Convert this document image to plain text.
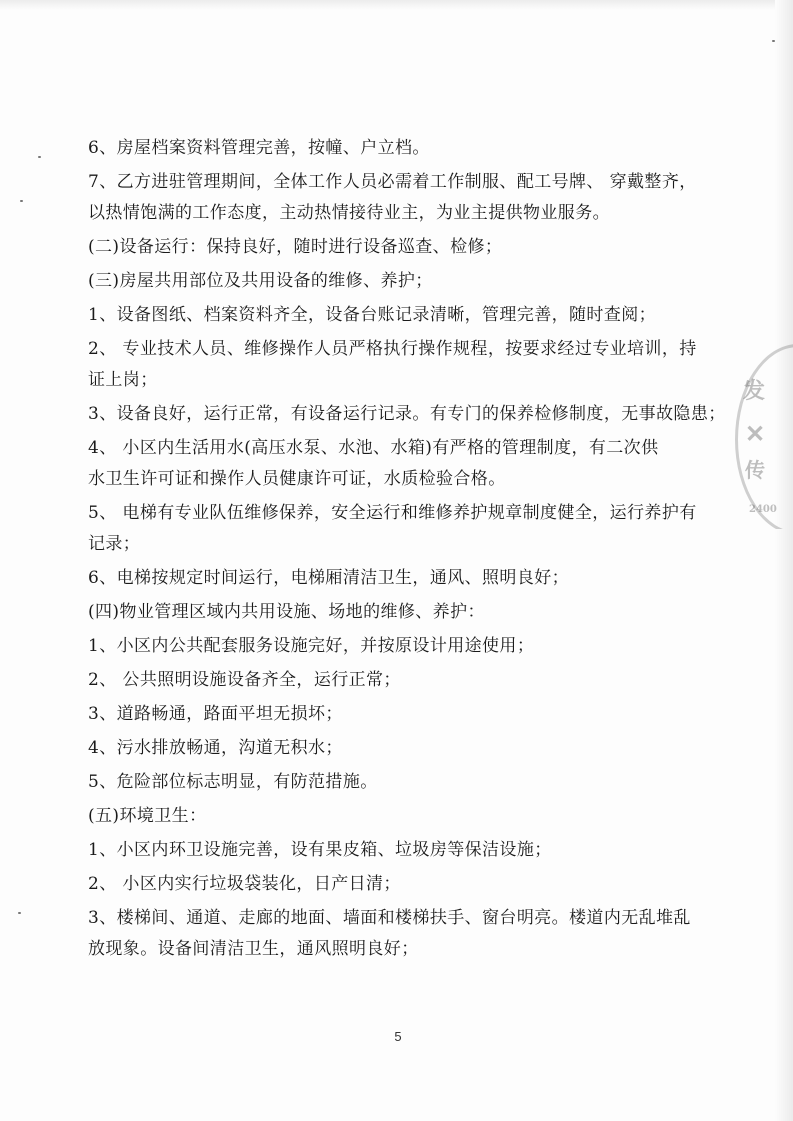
6、房屋档案资料管理完善，按幢、户立档。

7、乙方进驻管理期间，全体工作人员必需着工作制服、配工号牌、 穿戴整齐，

以热情饱满的工作态度，主动热情接待业主，为业主提供物业服务。

(二)设备运行：保持良好，随时进行设备巡查、检修；

(三)房屋共用部位及共用设备的维修、养护；

1、设备图纸、档案资料齐全，设备台账记录清晰，管理完善，随时查阅；

2、 专业技术人员、维修操作人员严格执行操作规程，按要求经过专业培训，持

证上岗；

3、设备良好，运行正常，有设备运行记录。有专门的保养检修制度，无事故隐患；

4、 小区内生活用水(高压水泵、水池、水箱)有严格的管理制度，有二次供

水卫生许可证和操作人员健康许可证，水质检验合格。

5、 电梯有专业队伍维修保养，安全运行和维修养护规章制度健全，运行养护有

记录；

6、电梯按规定时间运行，电梯厢清洁卫生，通风、照明良好；

(四)物业管理区域内共用设施、场地的维修、养护：

1、小区内公共配套服务设施完好，并按原设计用途使用；

2、 公共照明设施设备齐全，运行正常；

3、道路畅通，路面平坦无损坏；

4、污水排放畅通，沟道无积水；

5、危险部位标志明显，有防范措施。

(五)环境卫生：

1、小区内环卫设施完善，设有果皮箱、垃圾房等保洁设施；

2、 小区内实行垃圾袋装化，日产日清；

3、楼梯间、通道、走廊的地面、墙面和楼梯扶手、窗台明亮。楼道内无乱堆乱

放现象。设备间清洁卫生，通风照明良好；

5
发
✕
传
2400
